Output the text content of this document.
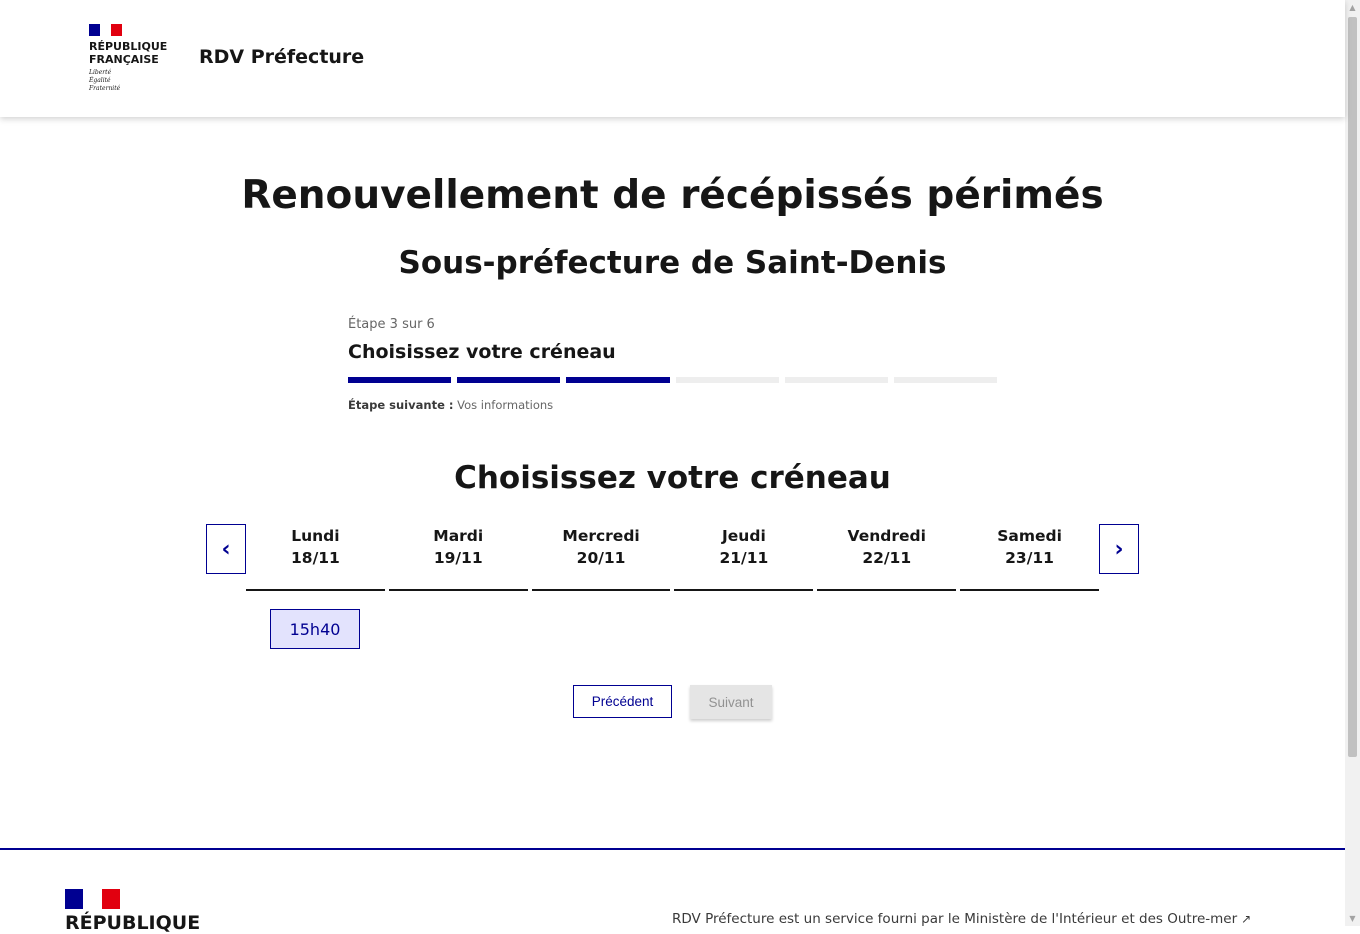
RÉPUBLIQUE
FRANÇAISE
Liberté
Égalité
Fraternité
RDV Préfecture
Renouvellement de récépissés périmés
Sous-préfecture de Saint-Denis
Étape 3 sur 6
Choisissez votre créneau
Étape suivante : Vos informations
Choisissez votre créneau
‹
Lundi
18/11
Mardi
19/11
Mercredi
20/11
Jeudi
21/11
Vendredi
22/11
Samedi
23/11	›
15h40
Précédent	Suivant
RÉPUBLIQUE	RDV Préfecture est un service fourni par le Ministère de l'Intérieur et des Outre-mer ↗
▲
▼
